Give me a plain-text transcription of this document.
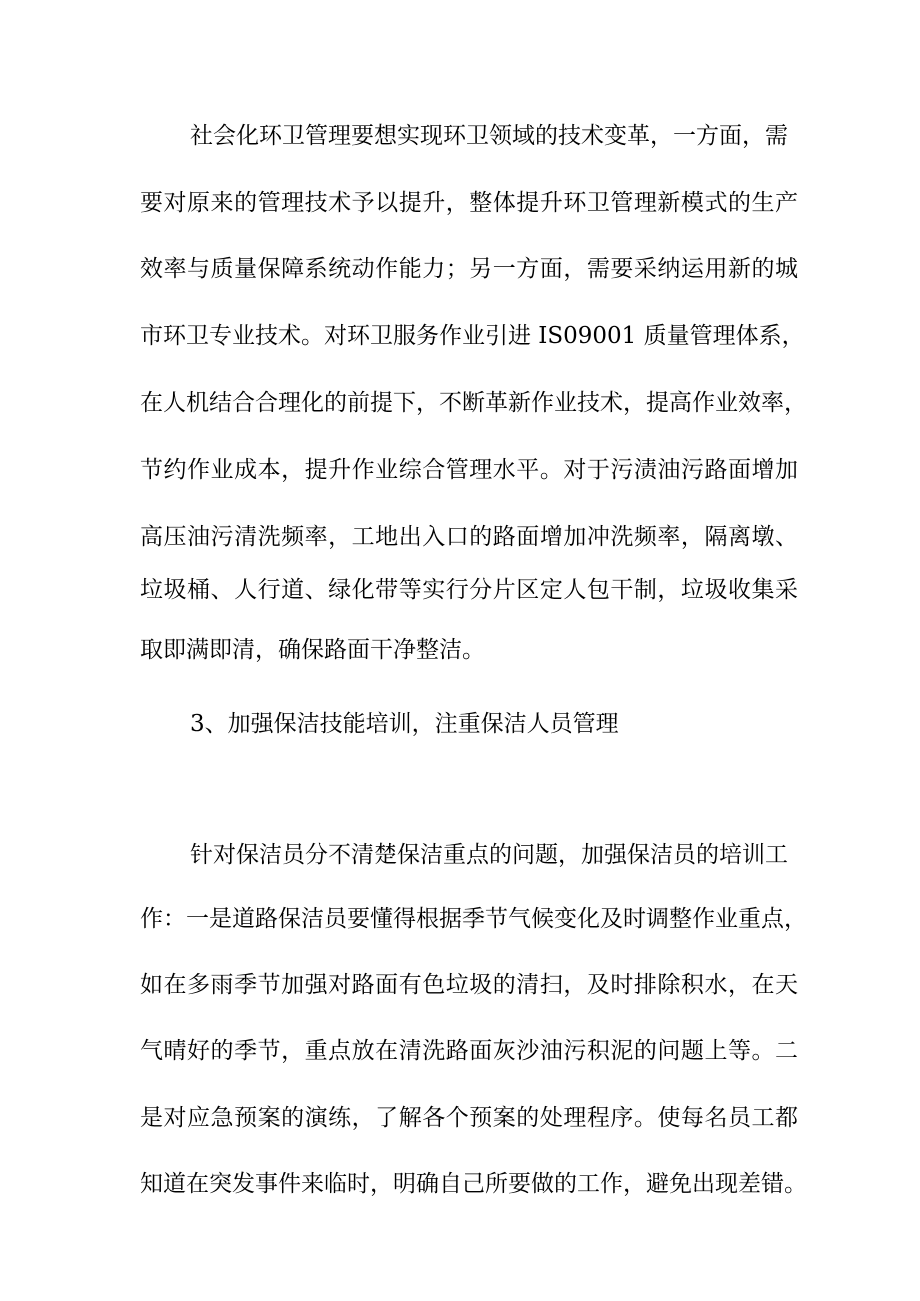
社会化环卫管理要想实现环卫领域的技术变革，一方面，需
要对原来的管理技术予以提升，整体提升环卫管理新模式的生产
效率与质量保障系统动作能力；另一方面，需要采纳运用新的城
市环卫专业技术。对环卫服务作业引进 IS09001 质量管理体系，
在人机结合合理化的前提下，不断革新作业技术，提高作业效率，
节约作业成本，提升作业综合管理水平。对于污渍油污路面增加
高压油污清洗频率，工地出入口的路面增加冲洗频率，隔离墩、
垃圾桶、人行道、绿化带等实行分片区定人包干制，垃圾收集采
取即满即清，确保路面干净整洁。
3、加强保洁技能培训，注重保洁人员管理
针对保洁员分不清楚保洁重点的问题，加强保洁员的培训工
作：一是道路保洁员要懂得根据季节气候变化及时调整作业重点，
如在多雨季节加强对路面有色垃圾的清扫，及时排除积水，在天
气晴好的季节，重点放在清洗路面灰沙油污积泥的问题上等。二
是对应急预案的演练，了解各个预案的处理程序。使每名员工都
知道在突发事件来临时，明确自己所要做的工作，避免出现差错。
